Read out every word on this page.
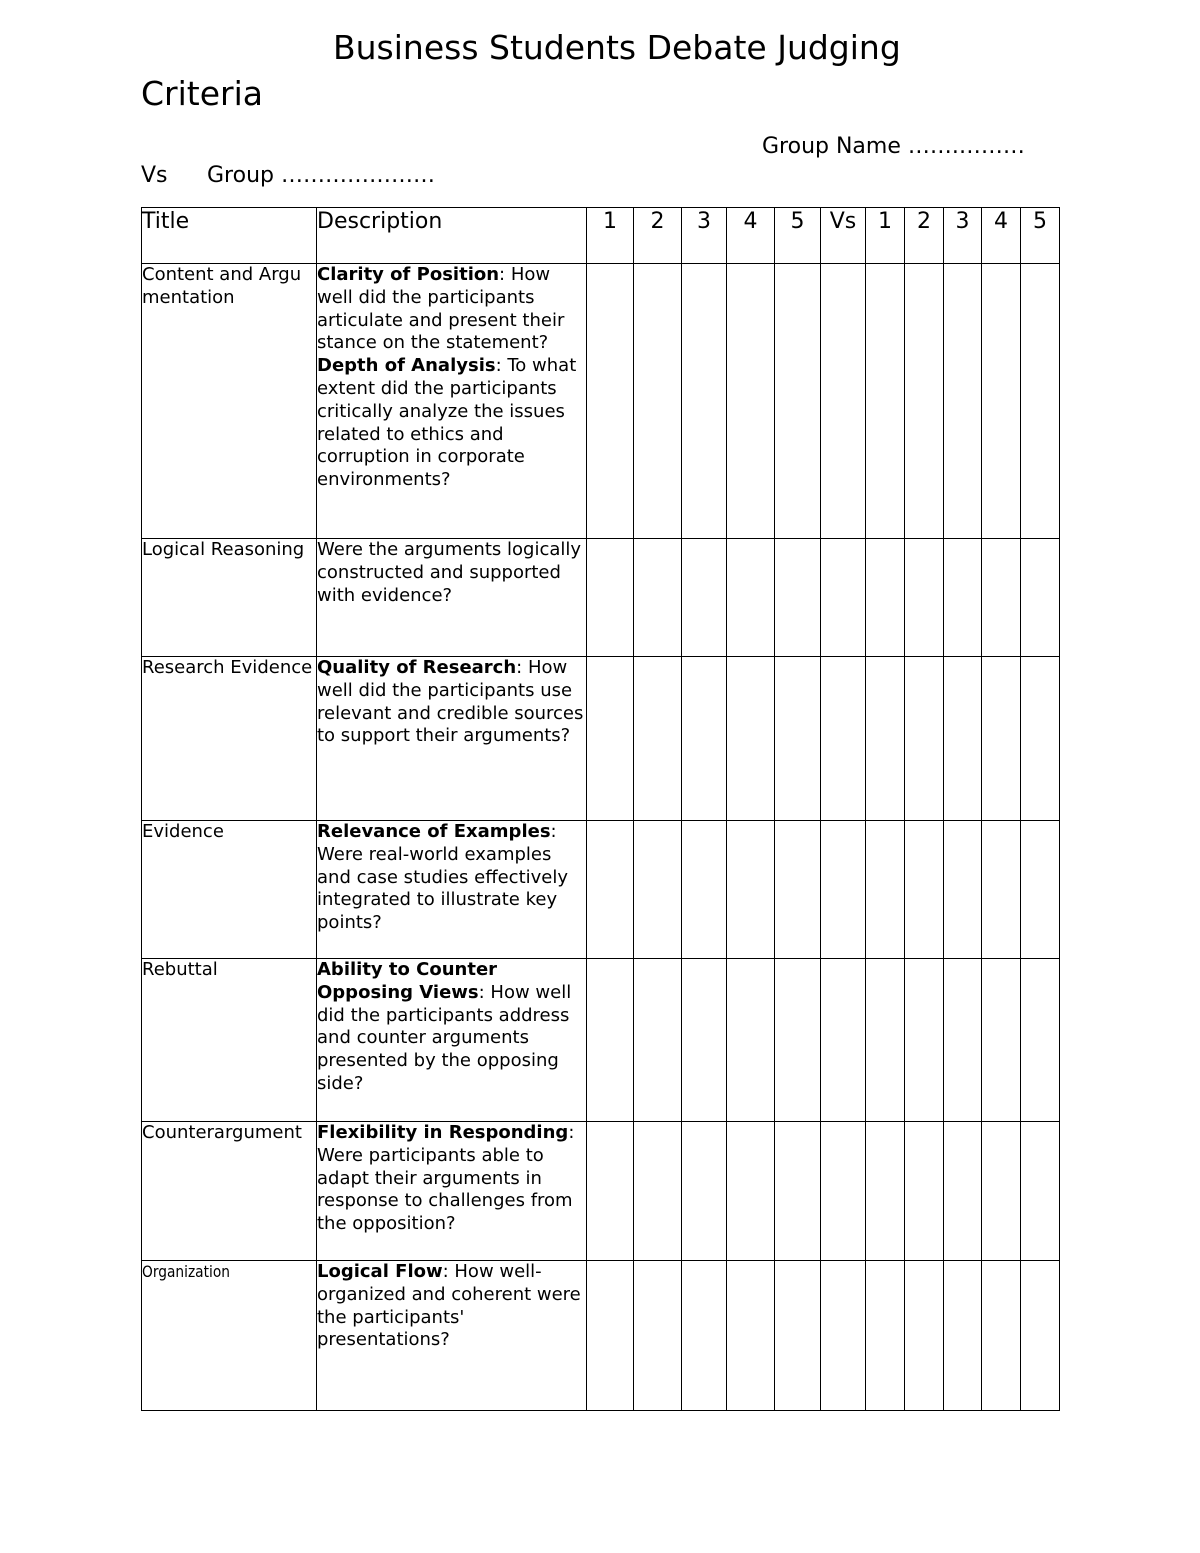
Business Students Debate Judging
Criteria
Group Name …….………
Vs Group …………………
Title	Description	1	2	3	4	5	Vs	1	2	3	4	5

Content and Argumentation	Clarity of Position: How well did the participants articulate and present their stance on the statement?
Depth of Analysis: To what extent did the participants critically analyze the issues related to ethics and corruption in corporate environments?											

Logical Reasoning	Were the arguments logically constructed and supported with evidence?											

Research Evidence	Quality of Research: How well did the participants use relevant and credible sources to support their arguments?											

Evidence	Relevance of Examples: Were real-world examples and case studies effectively integrated to illustrate key points?											

Rebuttal	Ability to Counter Opposing Views: How well did the participants address and counter arguments presented by the opposing side?											

Counterargument	Flexibility in Responding: Were participants able to adapt their arguments in response to challenges from the opposition?											

Organization	Logical Flow: How well-organized and coherent were the participants' presentations?											
